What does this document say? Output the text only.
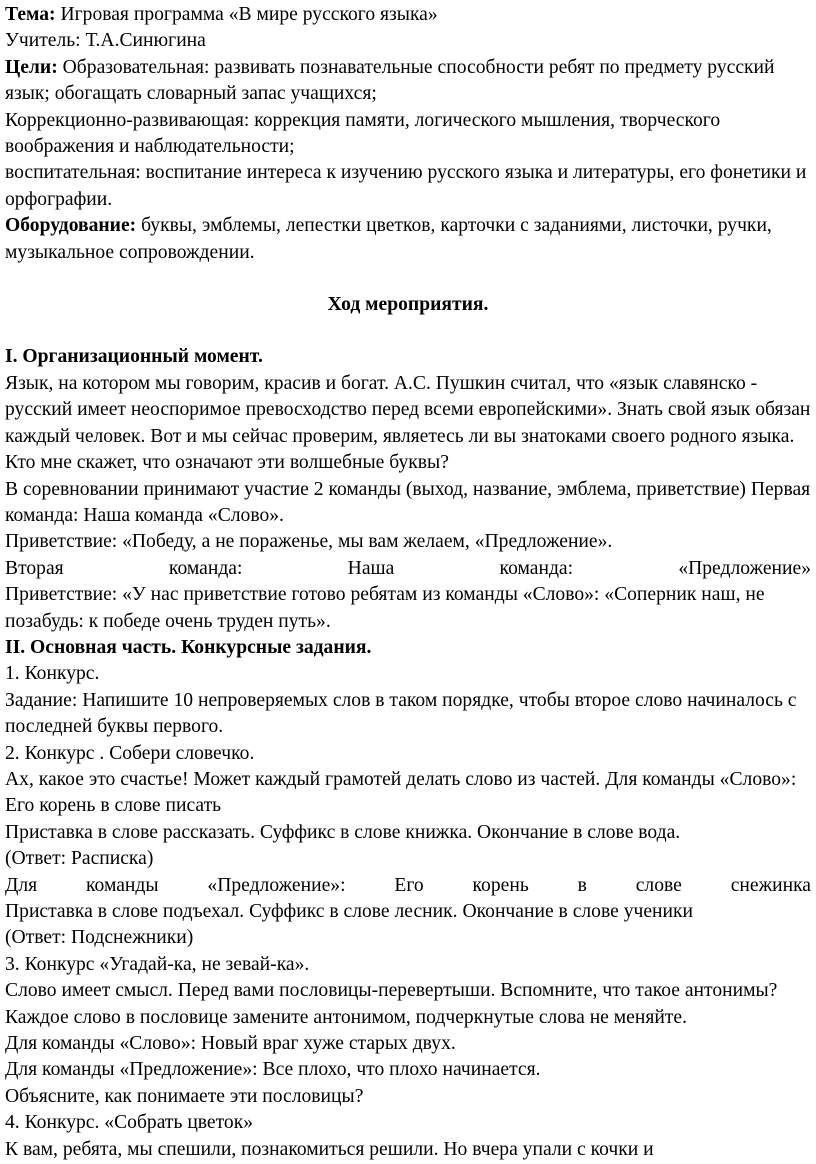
Тема: Игровая программа «В мире русского языка»

Учитель: Т.А.Синюгина

Цели: Образовательная: развивать познавательные способности ребят по предмету русский язык; обогащать словарный запас учащихся;

Коррекционно-развивающая: коррекция памяти, логического мышления, творческого воображения и наблюдательности;

воспитательная: воспитание интереса к изучению русского языка и литературы, его фонетики и орфографии.

Оборудование: буквы, эмблемы, лепестки цветков, карточки с заданиями, листочки, ручки, музыкальное сопровождении.

Ход мероприятия.

I. Организационный момент.

Язык, на котором мы говорим, красив и богат. А.С. Пушкин считал, что «язык славянско - русский имеет неоспоримое превосходство перед всеми европейскими». Знать свой язык обязан каждый человек. Вот и мы сейчас проверим, являетесь ли вы знатоками своего родного языка.

Кто мне скажет, что означают эти волшебные буквы?

В соревновании принимают участие 2 команды (выход, название, эмблема, приветствие) Первая команда: Наша команда «Слово».

Приветствие: «Победу, а не пораженье, мы вам желаем, «Предложение».

Вторая команда: Наша команда: «Предложение»

Приветствие: «У нас приветствие готово ребятам из команды «Слово»: «Соперник наш, не позабудь: к победе очень труден путь».

II. Основная часть. Конкурсные задания.

1. Конкурс.

Задание: Напишите 10 непроверяемых слов в таком порядке, чтобы второе слово начиналось с последней буквы первого.

2. Конкурс . Собери словечко.

Ах, какое это счастье! Может каждый грамотей делать слово из частей. Для команды «Слово»: Его корень в слове писать

Приставка в слове рассказать. Суффикс в слове книжка. Окончание в слове вода.

(Ответ: Расписка)

Для команды «Предложение»: Его корень в слове снежинка

Приставка в слове подъехал. Суффикс в слове лесник. Окончание в слове ученики

(Ответ: Подснежники)

3. Конкурс «Угадай-ка, не зевай-ка».

Слово имеет смысл. Перед вами пословицы-перевертыши. Вспомните, что такое антонимы? Каждое слово в пословице замените антонимом, подчеркнутые слова не меняйте.

Для команды «Слово»: Новый враг хуже старых двух.

Для команды «Предложение»: Все плохо, что плохо начинается.

Объясните, как понимаете эти пословицы?

4. Конкурс. «Собрать цветок»

К вам, ребята, мы спешили, познакомиться решили. Но вчера упали с кочки и
